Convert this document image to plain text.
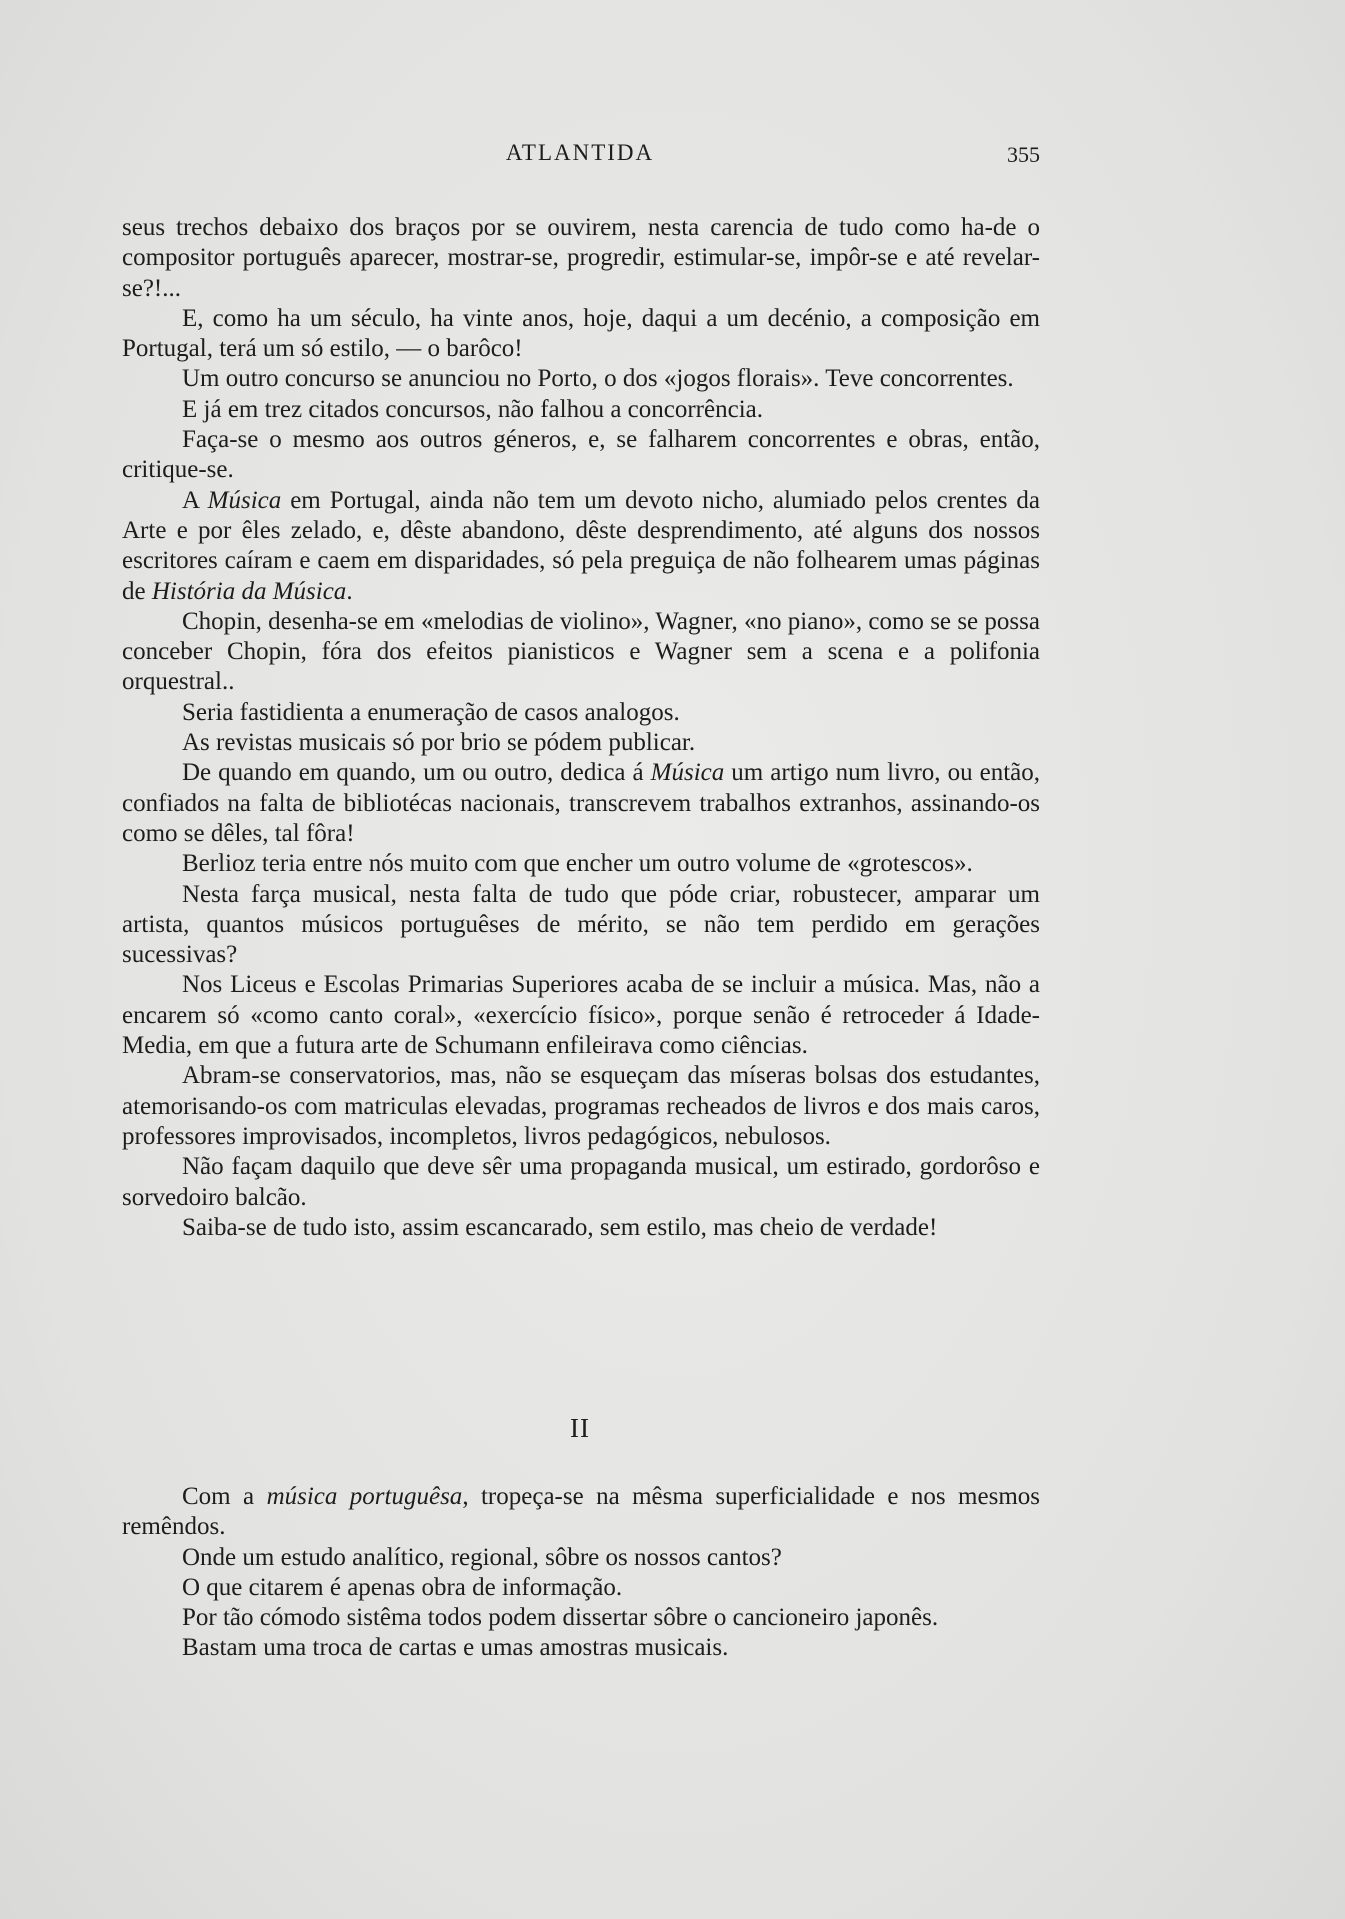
ATLANTIDA	355

seus trechos debaixo dos braços por se ouvirem, nesta carencia de tudo como ha-de o compositor português aparecer, mostrar-se, progredir, estimular-se, impôr-se e até revelar-se?!...

E, como ha um século, ha vinte anos, hoje, daqui a um decénio, a composição em Portugal, terá um só estilo, — o barôco!

Um outro concurso se anunciou no Porto, o dos «jogos florais». Teve concorrentes.

E já em trez citados concursos, não falhou a concorrência.

Faça-se o mesmo aos outros géneros, e, se falharem concorrentes e obras, então, critique-se.

A Música em Portugal, ainda não tem um devoto nicho, alumiado pelos crentes da Arte e por êles zelado, e, dêste abandono, dêste desprendimento, até alguns dos nossos escritores caíram e caem em disparidades, só pela preguiça de não folhearem umas páginas de História da Música.

Chopin, desenha-se em «melodias de violino», Wagner, «no piano», como se se possa conceber Chopin, fóra dos efeitos pianisticos e Wagner sem a scena e a polifonia orquestral..

Seria fastidienta a enumeração de casos analogos.

As revistas musicais só por brio se pódem publicar.

De quando em quando, um ou outro, dedica á Música um artigo num livro, ou então, confiados na falta de bibliotécas nacionais, transcrevem trabalhos extranhos, assinando-os como se dêles, tal fôra!

Berlioz teria entre nós muito com que encher um outro volume de «grotescos».

Nesta farça musical, nesta falta de tudo que póde criar, robustecer, amparar um artista, quantos músicos portuguêses de mérito, se não tem perdido em gerações sucessivas?

Nos Liceus e Escolas Primarias Superiores acaba de se incluir a música. Mas, não a encarem só «como canto coral», «exercício físico», porque senão é retroceder á Idade-Media, em que a futura arte de Schumann enfileirava como ciências.

Abram-se conservatorios, mas, não se esqueçam das míseras bolsas dos estudantes, atemorisando-os com matriculas elevadas, programas recheados de livros e dos mais caros, professores improvisados, incompletos, livros pedagógicos, nebulosos.

Não façam daquilo que deve sêr uma propaganda musical, um estirado, gordorôso e sorvedoiro balcão.

Saiba-se de tudo isto, assim escancarado, sem estilo, mas cheio de verdade!

II

Com a música portuguêsa, tropeça-se na mêsma superficialidade e nos mesmos remêndos.

Onde um estudo analítico, regional, sôbre os nossos cantos?

O que citarem é apenas obra de informação.

Por tão cómodo sistêma todos podem dissertar sôbre o cancioneiro japonês.

Bastam uma troca de cartas e umas amostras musicais.
